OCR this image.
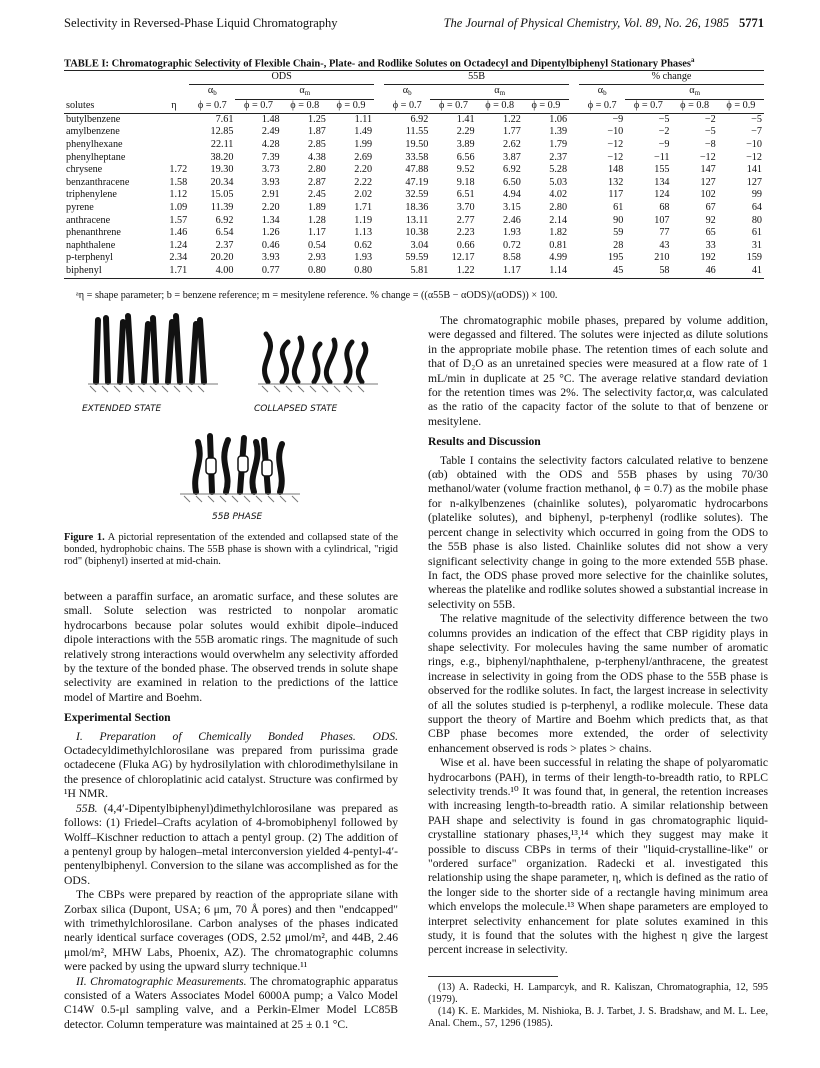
Selectivity in Reversed-Phase Liquid Chromatography	The Journal of Physical Chemistry, Vol. 89, No. 26, 1985 5771
TABLE I: Chromatographic Selectivity of Flexible Chain-, Plate- and Rodlike Solutes on Octadecyl and Dipentylbiphenyl Stationary Phases$^a$
		ODS					55B					% change			
		$\alpha_b$	$\alpha_m$				$\alpha_b$	$\alpha_m$				$\alpha_b$	$\alpha_m$
solutes	η	ϕ = 0.7	ϕ = 0.7	ϕ = 0.8	ϕ = 0.9		ϕ = 0.7	ϕ = 0.7	ϕ = 0.8	ϕ = 0.9		ϕ = 0.7	ϕ = 0.7	ϕ = 0.8	ϕ = 0.9
butylbenzene		7.61	1.48	1.25	1.11		6.92	1.41	1.22	1.06		−9	−5	−2	−5
amylbenzene		12.85	2.49	1.87	1.49		11.55	2.29	1.77	1.39		−10	−2	−5	−7
phenylhexane		22.11	4.28	2.85	1.99		19.50	3.89	2.62	1.79		−12	−9	−8	−10
phenylheptane		38.20	7.39	4.38	2.69		33.58	6.56	3.87	2.37		−12	−11	−12	−12
chrysene	1.72	19.30	3.73	2.80	2.20		47.88	9.52	6.92	5.28		148	155	147	141
benzanthracene	1.58	20.34	3.93	2.87	2.22		47.19	9.18	6.50	5.03		132	134	127	127
triphenylene	1.12	15.05	2.91	2.45	2.02		32.59	6.51	4.94	4.02		117	124	102	99
pyrene	1.09	11.39	2.20	1.89	1.71		18.36	3.70	3.15	2.80		61	68	67	64
anthracene	1.57	6.92	1.34	1.28	1.19		13.11	2.77	2.46	2.14		90	107	92	80
phenanthrene	1.46	6.54	1.26	1.17	1.13		10.38	2.23	1.93	1.82		59	77	65	61
naphthalene	1.24	2.37	0.46	0.54	0.62		3.04	0.66	0.72	0.81		28	43	33	31
p-terphenyl	2.34	20.20	3.93	2.93	1.93		59.59	12.17	8.58	4.99		195	210	192	159
biphenyl	1.71	4.00	0.77	0.80	0.80		5.81	1.22	1.17	1.14		45	58	46	41
ᵃη = shape parameter; b = benzene reference; m = mesitylene reference. % change = ((α55B − αODS)/(αODS)) × 100.
EXTENDED STATE	COLLAPSED STATE
55B PHASE
Figure 1. A pictorial representation of the extended and collapsed state of the bonded, hydrophobic chains. The 55B phase is shown with a cylindrical, "rigid rod" (biphenyl) inserted at mid-chain.

between a paraffin surface, an aromatic surface, and these solutes are small. Solute selection was restricted to nonpolar aromatic hydrocarbons because polar solutes would exhibit dipole–induced dipole interactions with the 55B aromatic rings. The magnitude of such relatively strong interactions would overwhelm any selectivity afforded by the texture of the bonded phase. The observed trends in solute shape selectivity are examined in relation to the predictions of the lattice model of Martire and Boehm.

Experimental Section

I. Preparation of Chemically Bonded Phases. ODS. Octadecyldimethylchlorosilane was prepared from purissima grade octadecene (Fluka AG) by hydrosilylation with chlorodimethylsilane in the presence of chloroplatinic acid catalyst. Structure was confirmed by ¹H NMR.

55B. (4,4′-Dipentylbiphenyl)dimethylchlorosilane was prepared as follows: (1) Friedel–Crafts acylation of 4-bromobiphenyl followed by Wolff–Kischner reduction to attach a pentyl group. (2) The addition of a pentenyl group by halogen–metal interconversion yielded 4-pentyl-4′-pentenylbiphenyl. Conversion to the silane was accomplished as for the ODS.

The CBPs were prepared by reaction of the appropriate silane with Zorbax silica (Dupont, USA; 6 μm, 70 Å pores) and then "endcapped" with trimethylchlorosilane. Carbon analyses of the phases indicated nearly identical surface coverages (ODS, 2.52 μmol/m², and 44B, 2.46 μmol/m², MHW Labs, Phoenix, AZ). The chromatographic columns were packed by using the upward slurry technique.¹¹

II. Chromatographic Measurements. The chromatographic apparatus consisted of a Waters Associates Model 6000A pump; a Valco Model C14W 0.5-μl sampling valve, and a Perkin-Elmer Model LC85B detector. Column temperature was maintained at 25 ± 0.1 °C.

The chromatographic mobile phases, prepared by volume addition, were degassed and filtered. The solutes were injected as dilute solutions in the appropriate mobile phase. The retention times of each solute and that of D₂O as an unretained species were measured at a flow rate of 1 mL/min in duplicate at 25 °C. The average relative standard deviation for the retention times was 2%. The selectivity factor,α, was calculated as the ratio of the capacity factor of the solute to that of benzene or mesitylene.

Results and Discussion

Table I contains the selectivity factors calculated relative to benzene (αb) obtained with the ODS and 55B phases by using 70/30 methanol/water (volume fraction methanol, ϕ = 0.7) as the mobile phase for n-alkylbenzenes (chainlike solutes), polyaromatic hydrocarbons (platelike solutes), and biphenyl, p-terphenyl (rodlike solutes). The percent change in selectivity which occurred in going from the ODS to the 55B phase is also listed. Chainlike solutes did not show a very significant selectivity change in going to the more extended 55B phase. In fact, the ODS phase proved more selective for the chainlike solutes, whereas the platelike and rodlike solutes showed a substantial increase in selectivity on 55B.

The relative magnitude of the selectivity difference between the two columns provides an indication of the effect that CBP rigidity plays in shape selectivity. For molecules having the same number of aromatic rings, e.g., biphenyl/naphthalene, p-terphenyl/anthracene, the greatest increase in selectivity in going from the ODS phase to the 55B phase is observed for the rodlike solutes. In fact, the largest increase in selectivity of all the solutes studied is p-terphenyl, a rodlike molecule. These data support the theory of Martire and Boehm which predicts that, as that CBP phase becomes more extended, the order of selectivity enhancement observed is rods > plates > chains.

Wise et al. have been successful in relating the shape of polyaromatic hydrocarbons (PAH), in terms of their length-to-breadth ratio, to RPLC selectivity trends.¹⁰ It was found that, in general, the retention increases with increasing length-to-breadth ratio. A similar relationship between PAH shape and selectivity is found in gas chromatographic liquid-crystalline stationary phases,¹³,¹⁴ which they suggest may make it possible to discuss CBPs in terms of their "liquid-crystalline-like" or "ordered surface" organization. Radecki et al. investigated this relationship using the shape parameter, η, which is defined as the ratio of the longer side to the shorter side of a rectangle having minimum area which envelops the molecule.¹³ When shape parameters are employed to interpret selectivity enhancement for plate solutes examined in this study, it is found that the solutes with the highest η give the largest percent increase in selectivity.

(13) A. Radecki, H. Lamparcyk, and R. Kaliszan, Chromatographia, 12, 595 (1979).

(14) K. E. Markides, M. Nishioka, B. J. Tarbet, J. S. Bradshaw, and M. L. Lee, Anal. Chem., 57, 1296 (1985).
